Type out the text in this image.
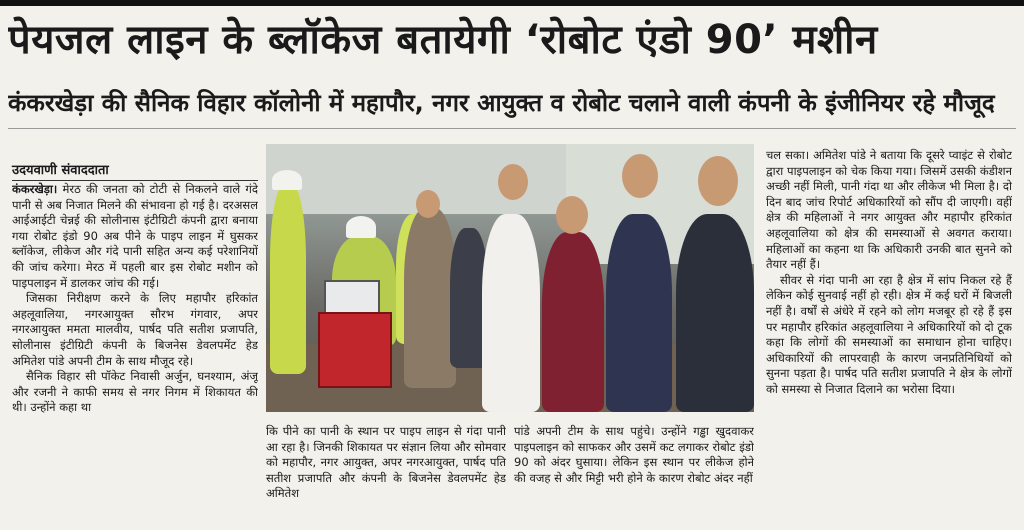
पेयजल लाइन के ब्लॉकेज बतायेगी ‘रोबोट एंडो 90’ मशीन
कंकरखेड़ा की सैनिक विहार कॉलोनी में महापौर, नगर आयुक्त व रोबोट चलाने वाली कंपनी के इंजीनियर रहे मौजूद
उदयवाणी संवाददाता

कंकरखेड़ा। मेरठ की जनता को टोटी से निकलने वाले गंदे पानी से अब निजात मिलने की संभावना हो गई है। दरअसल आईआईटी चेन्नई की सोलीनास इंटीग्रिटी कंपनी द्वारा बनाया गया रोबोट इंडो 90 अब पीने के पाइप लाइन में घुसकर ब्लॉकेज, लीकेज और गंदे पानी सहित अन्य कई परेशानियों की जांच करेगा। मेरठ में पहली बार इस रोबोट मशीन को पाइपलाइन में डालकर जांच की गई।

जिसका निरीक्षण करने के लिए महापौर हरिकांत अहलूवालिया, नगरआयुक्त सौरभ गंगवार, अपर नगरआयुक्त ममता मालवीय, पार्षद पति सतीश प्रजापति, सोलीनास इंटीग्रिटी कंपनी के बिजनेस डेवलपमेंट हेड अमितेश पांडे अपनी टीम के साथ मौजूद रहे।

सैनिक विहार सी पॉकेट निवासी अर्जुन, घनश्याम, अंजू और रजनी ने काफी समय से नगर निगम में शिकायत की थी। उन्होंने कहा था

कि पीने का पानी के स्थान पर पाइप लाइन से गंदा पानी आ रहा है। जिनकी शिकायत पर संज्ञान लिया और सोमवार को महापौर, नगर आयुक्त, अपर नगरआयुक्त, पार्षद पति सतीश प्रजापति और कंपनी के बिजनेस डेवलपमेंट हेड अमितेश

पांडे अपनी टीम के साथ पहुंचे। उन्होंने गड्ढा खुदवाकर पाइपलाइन को साफकर और उसमें कट लगाकर रोबोट इंडो 90 को अंदर घुसाया। लेकिन इस स्थान पर लीकेज होने की वजह से और मिट्टी भरी होने के कारण रोबोट अंदर नहीं

चल सका। अमितेश पांडे ने बताया कि दूसरे प्वाइंट से रोबोट द्वारा पाइपलाइन को चेक किया गया। जिसमें उसकी कंडीशन अच्छी नहीं मिली, पानी गंदा था और लीकेज भी मिला है। दो दिन बाद जांच रिपोर्ट अधिकारियों को सौंप दी जाएगी। वहीं क्षेत्र की महिलाओं ने नगर आयुक्त और महापौर हरिकांत अहलूवालिया को क्षेत्र की समस्याओं से अवगत कराया। महिलाओं का कहना था कि अधिकारी उनकी बात सुनने को तैयार नहीं हैं।

सीवर से गंदा पानी आ रहा है क्षेत्र में सांप निकल रहे हैं लेकिन कोई सुनवाई नहीं हो रही। क्षेत्र में कई घरों में बिजली नहीं है। वर्षों से अंधेरे में रहने को लोग मजबूर हो रहे हैं इस पर महापौर हरिकांत अहलूवालिया ने अधिकारियों को दो टूक कहा कि लोगों की समस्याओं का समाधान होना चाहिए। अधिकारियों की लापरवाही के कारण जनप्रतिनिधियों को सुनना पड़ता है। पार्षद पति सतीश प्रजापति ने क्षेत्र के लोगों को समस्या से निजात दिलाने का भरोसा दिया।
